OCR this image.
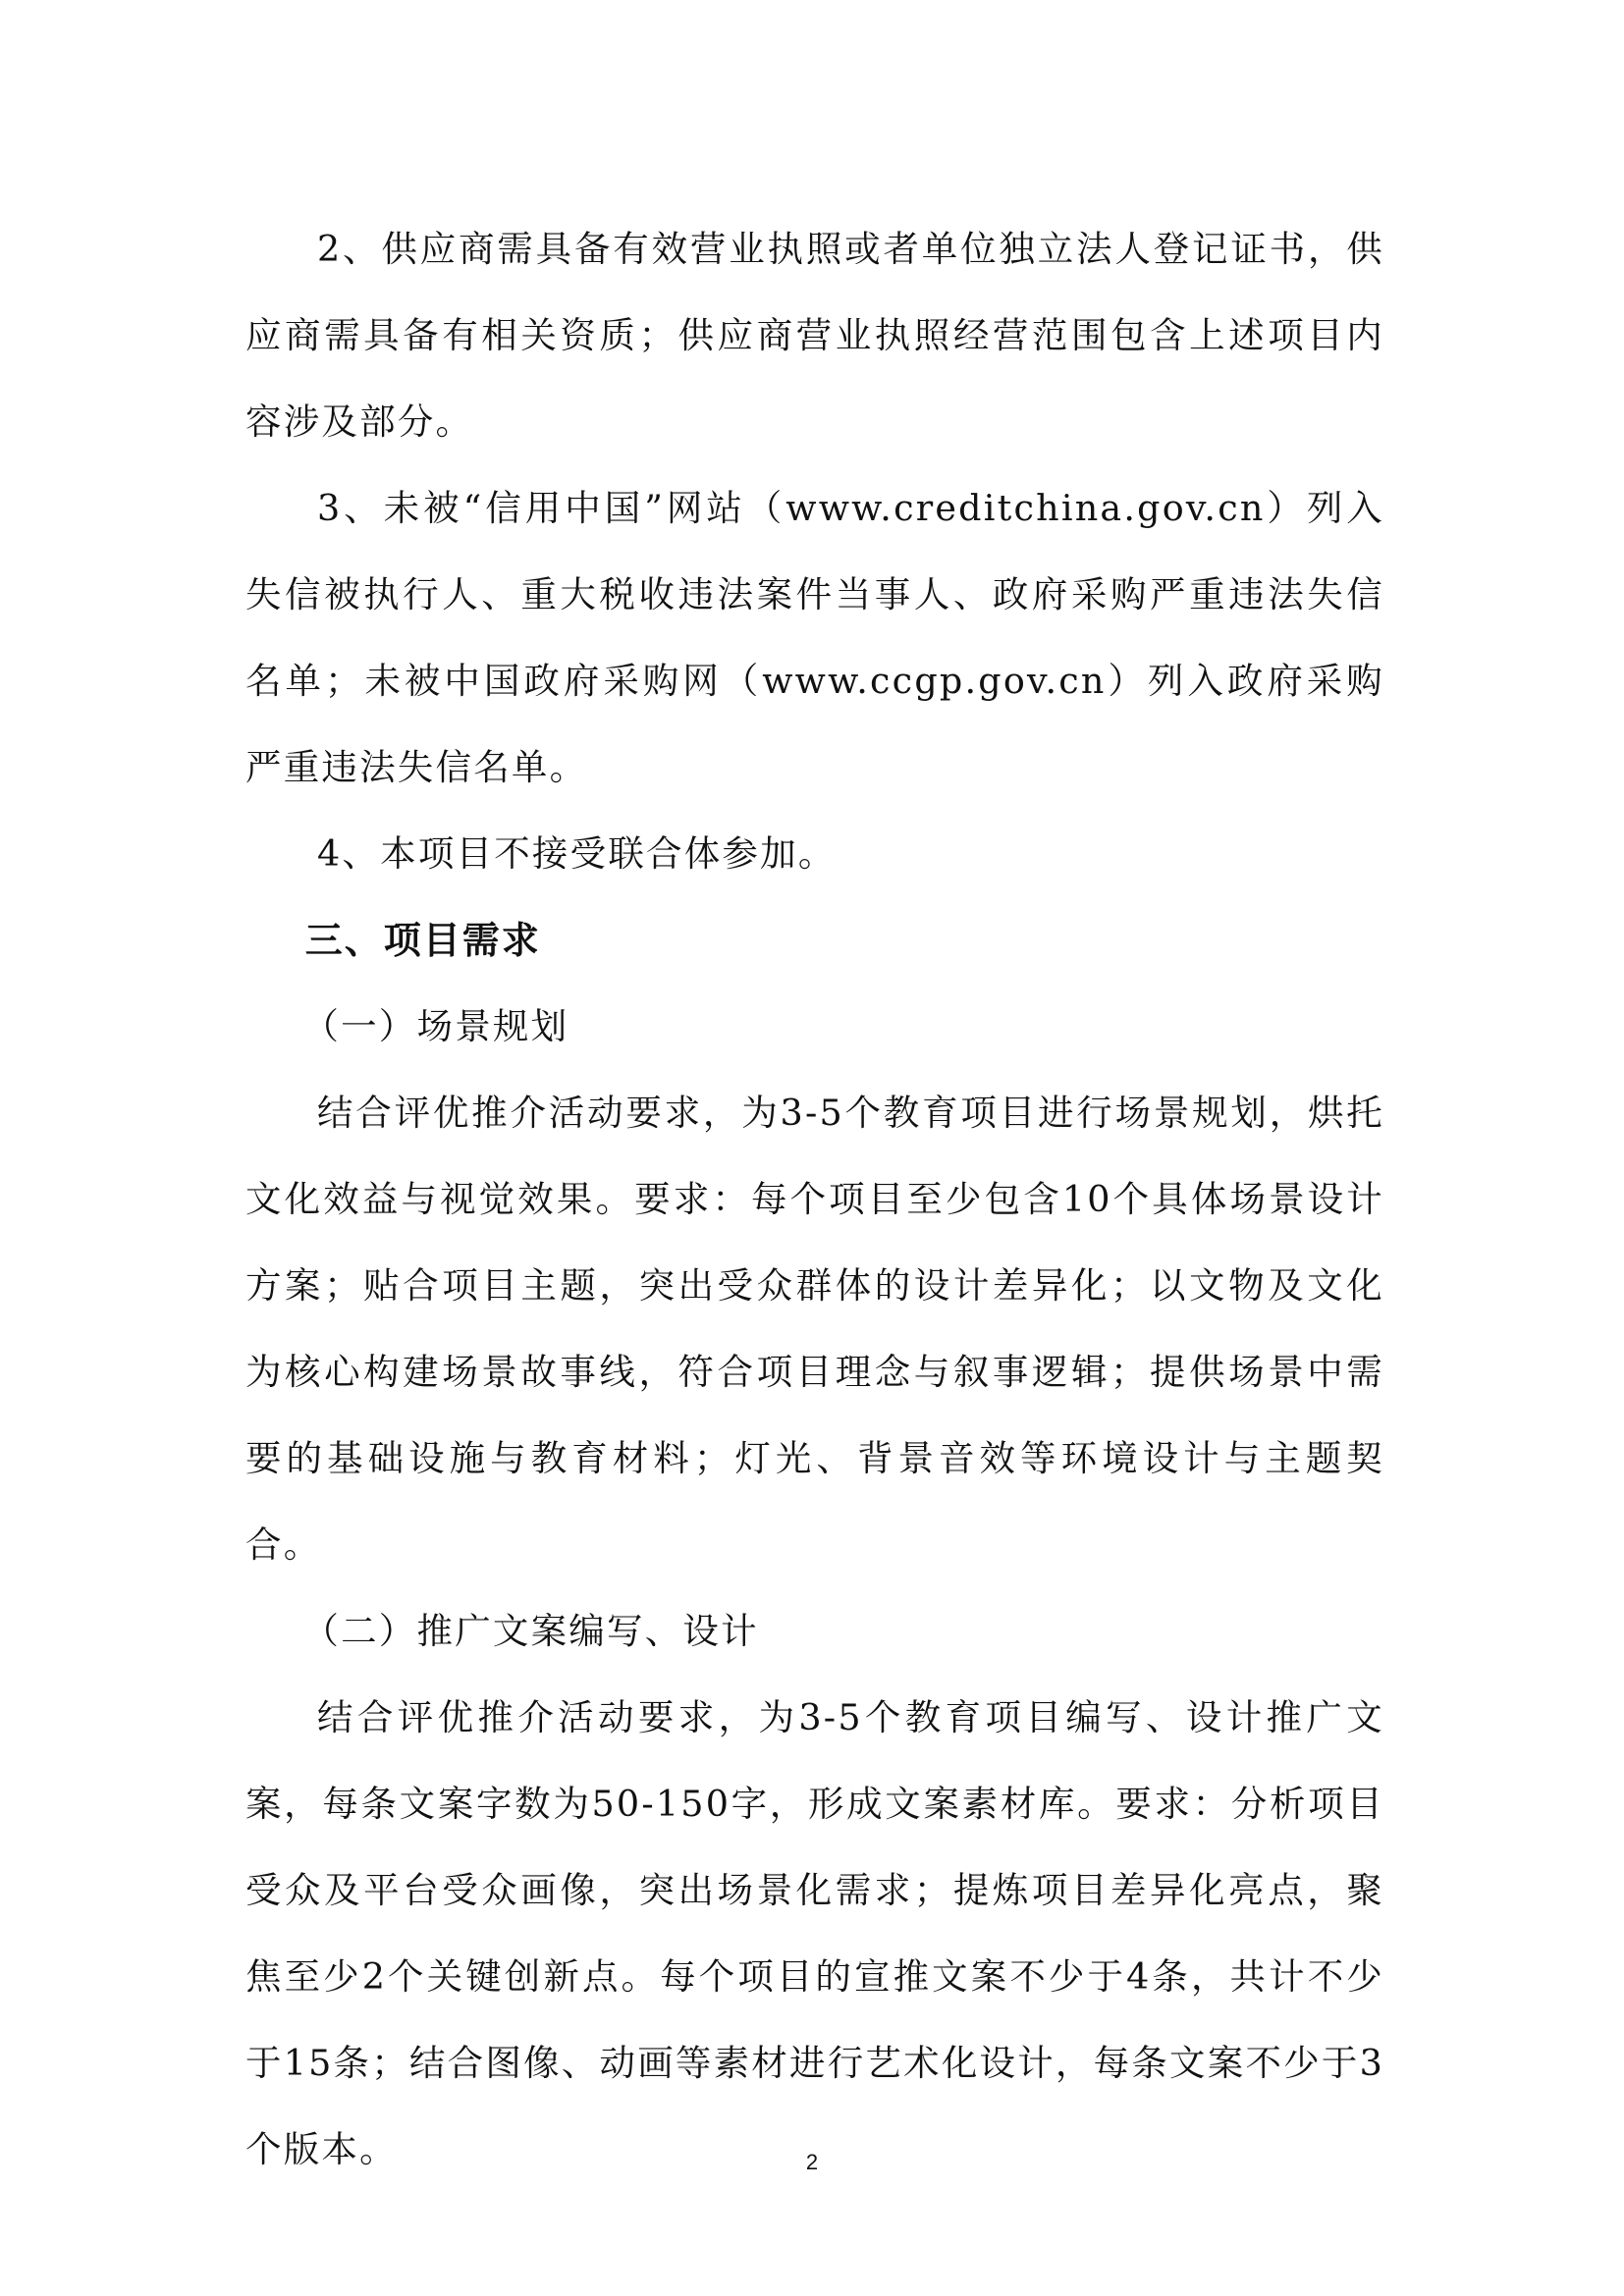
2、供应商需具备有效营业执照或者单位独立法人登记证书，供应商需具备有相关资质；供应商营业执照经营范围包含上述项目内容涉及部分。

3、未被“信用中国”网站（www.creditchina.gov.cn）列入失信被执行人、重大税收违法案件当事人、政府采购严重违法失信名单；未被中国政府采购网（www.ccgp.gov.cn）列入政府采购严重违法失信名单。

4、本项目不接受联合体参加。

三、项目需求

（一）场景规划

结合评优推介活动要求，为3-5个教育项目进行场景规划，烘托文化效益与视觉效果。要求：每个项目至少包含10个具体场景设计方案；贴合项目主题，突出受众群体的设计差异化；以文物及文化为核心构建场景故事线，符合项目理念与叙事逻辑；提供场景中需要的基础设施与教育材料；灯光、背景音效等环境设计与主题契合。

（二）推广文案编写、设计

结合评优推介活动要求，为3-5个教育项目编写、设计推广文案，每条文案字数为50-150字，形成文案素材库。要求：分析项目受众及平台受众画像，突出场景化需求；提炼项目差异化亮点，聚焦至少2个关键创新点。每个项目的宣推文案不少于4条，共计不少于15条；结合图像、动画等素材进行艺术化设计，每条文案不少于3个版本。	2
